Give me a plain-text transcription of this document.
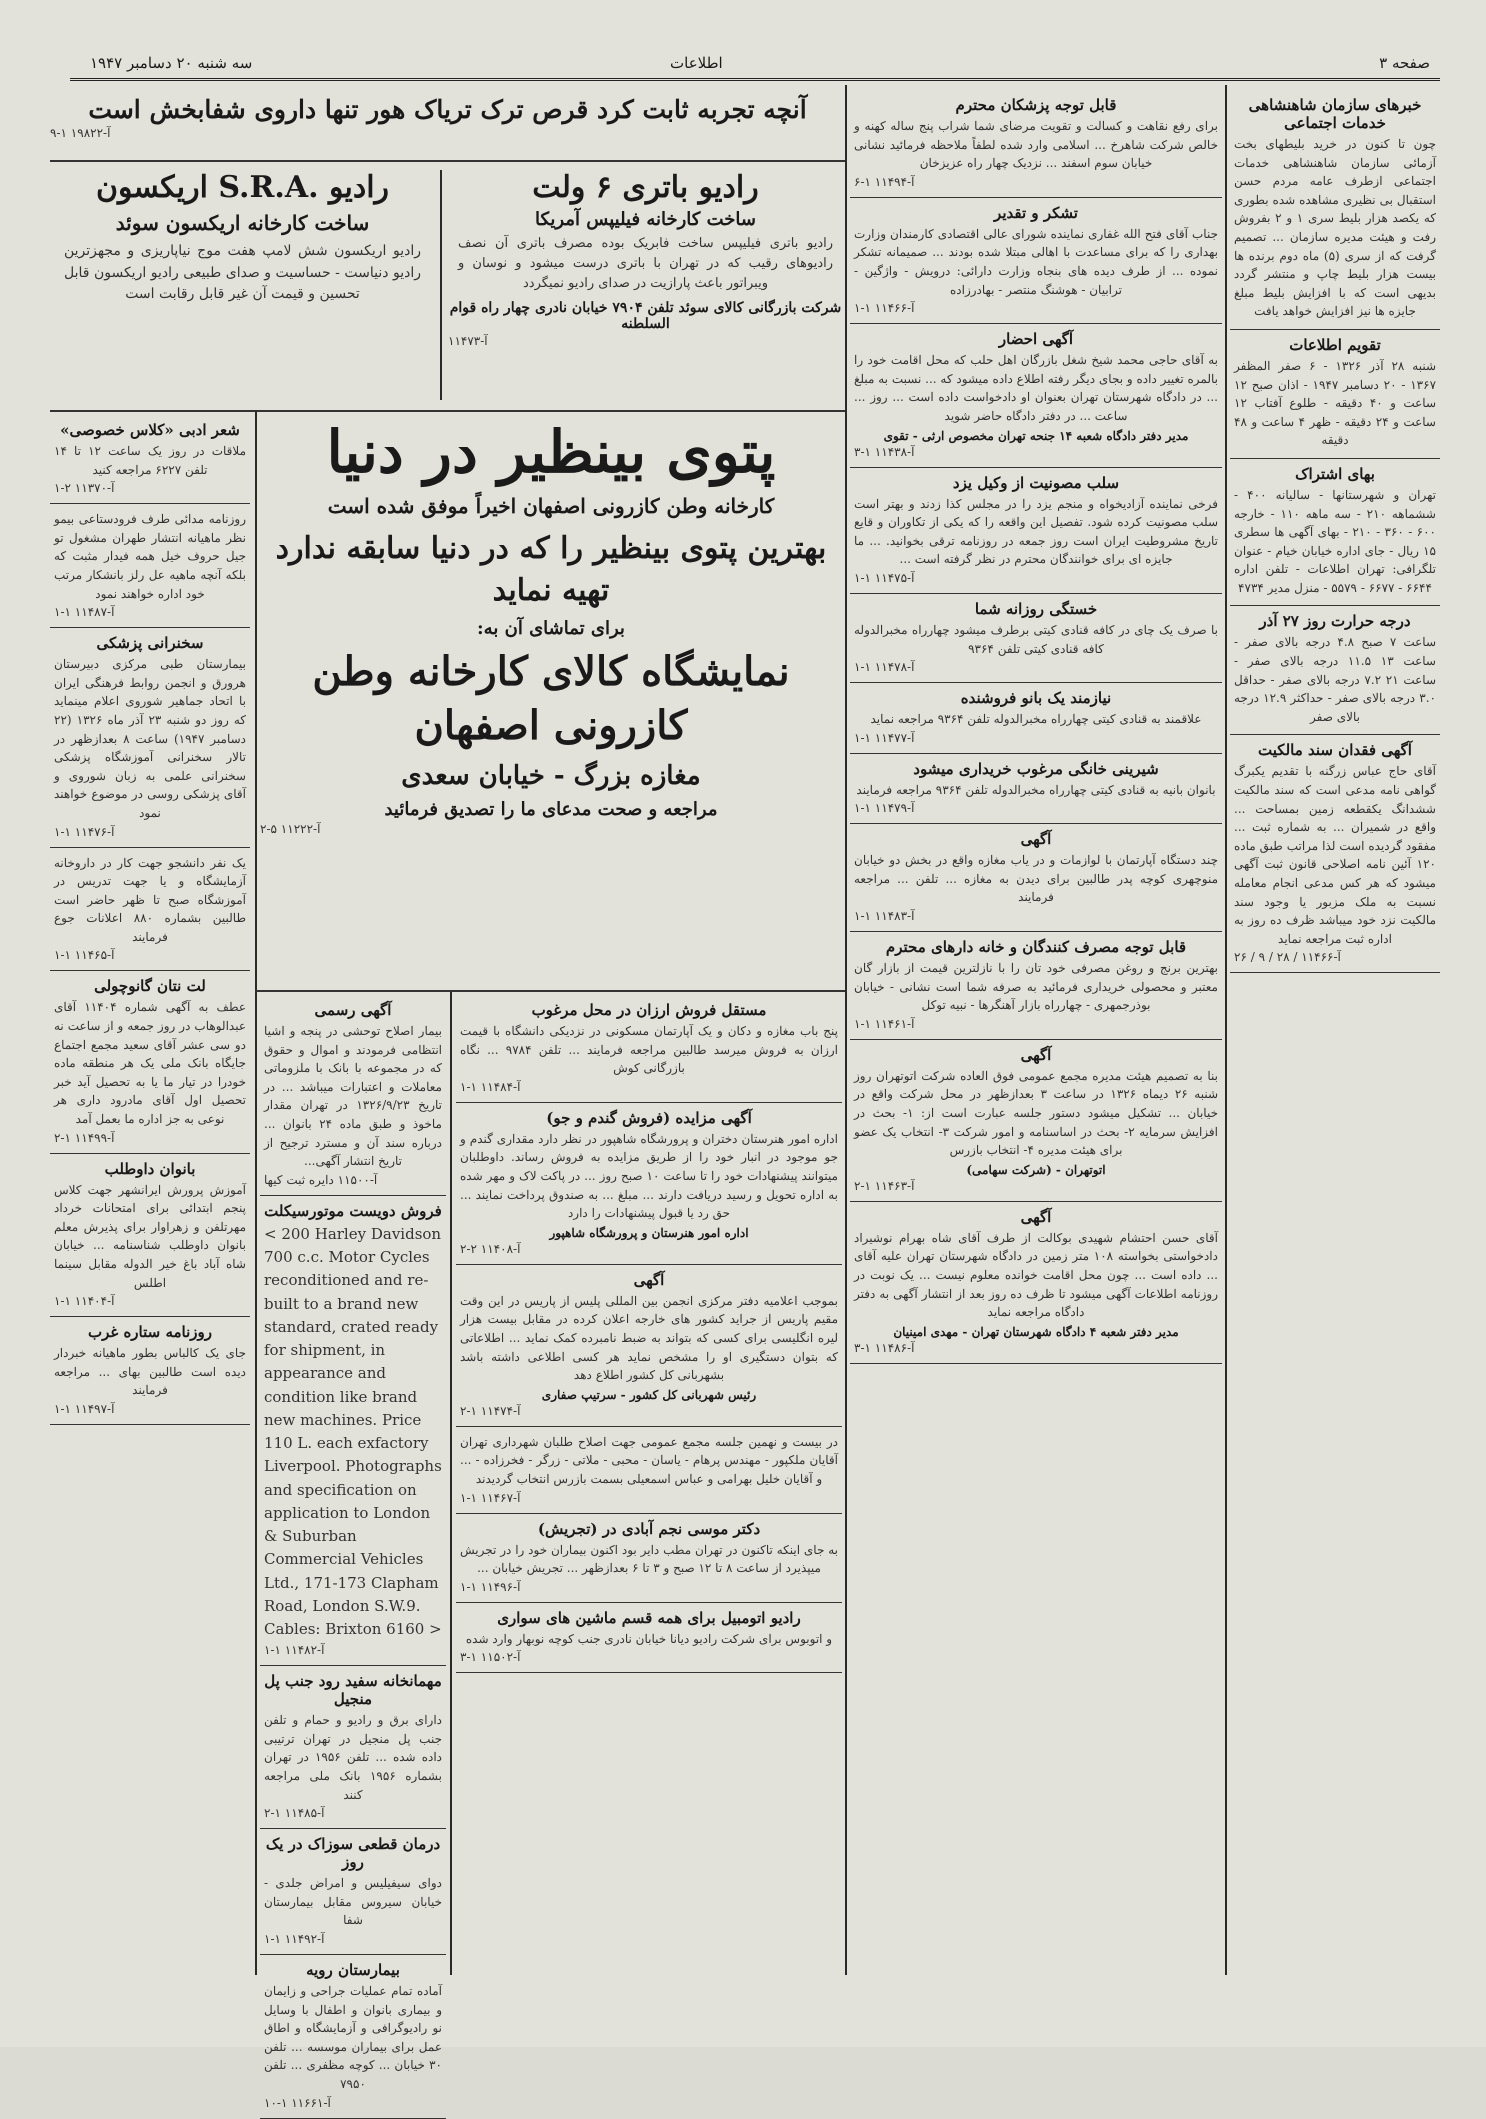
سه شنبه ۲۰ دسامبر ۱۹۴۷	اطلاعات	صفحه ۳
آنچه تجربه ثابت کرد قرص ترک تریاک هور تنها داروی شفابخش است
آ-۱۹۸۲۲ ۱-۹
رادیو .S.R.A اریکسون
ساخت کارخانه اریکسون سوئد
رادیو اریکسون شش لامپ هفت موج نیاپاریزی و مجهزترین رادیو دنیاست - حساسیت و صدای طبیعی رادیو اریکسون قابل تحسین و قیمت آن غیر قابل رقابت است
رادیو باتری ۶ ولت
ساخت کارخانه فیلیپس آمریکا
رادیو باتری فیلیپس ساخت فابریک بوده مصرف باتری آن نصف رادیوهای رقیب که در تهران با باتری درست میشود و نوسان و ویبراتور باعث پارازیت در صدای رادیو نمیگردد
شرکت بازرگانی کالای سوئد تلفن ۷۹۰۴ خیابان نادری چهار راه قوام السلطنه
آ-۱۱۴۷۳
پتوی بینظیر در دنیا
کارخانه وطن کازرونی اصفهان اخیراً موفق شده است
بهترین پتوی بینظیر را که در دنیا سابقه ندارد تهیه نماید
برای تماشای آن به:
نمایشگاه کالای کارخانه وطن کازرونی اصفهان
مغازه بزرگ - خیابان سعدی
مراجعه و صحت مدعای ما را تصدیق فرمائید
آ-۱۱۲۲۲ ۵-۲
شعر ادبی «کلاس خصوصی»
ملاقات در روز یک ساعت ۱۲ تا ۱۴ تلفن ۶۲۲۷ مراجعه کنید
آ-۱۱۳۷۰ ۲-۱
روزنامه مدائی طرف فرودستاعی بیمو نظر ماهیانه انتشار طهران مشغول تو جیل حروف خیل همه فیدار مثبت که بلکه آنچه ماهیه عل رلز بانشکار مرتب خود اداره خواهند نمود
آ-۱۱۴۸۷ ۱-۱
سخنرانی پزشکی
بیمارستان طبی مرکزی دبیرستان هرورق و انجمن روابط فرهنگی ایران با اتحاد جماهیر شوروی اعلام مینماید که روز دو شنبه ۲۳ آذر ماه ۱۳۲۶ (۲۲ دسامبر ۱۹۴۷) ساعت ۸ بعدازظهر در تالار سخنرانی آموزشگاه پزشکی سخنرانی علمی به زبان شوروی و آقای پزشکی روسی در موضوع خواهند نمود
آ-۱۱۴۷۶ ۱-۱
یک نفر دانشجو جهت کار در داروخانه آزمایشگاه و یا جهت تدریس در آموزشگاه صبح تا ظهر حاضر است طالبین بشماره ۸۸۰ اعلانات جوع فرمایند
آ-۱۱۴۶۵ ۱-۱
لت نتان گانوچولی
عطف به آگهی شماره ۱۱۴۰۴ آقای عبدالوهاب در روز جمعه و از ساعت نه دو سی عشر آقای سعید مجمع اجتماع جایگاه بانک ملی یک هر منطقه ماده خودرا در تیار ما یا به تحصیل آید خبر تحصیل اول آقای مادرود داری هر نوعی به جز اداره ما بعمل آمد
آ-۱۱۴۹۹ ۱-۲
بانوان داوطلب
آموزش پرورش ایرانشهر جهت کلاس پنجم ابتدائی برای امتحانات خرداد مهرتلفن و زهراوار برای پذیرش معلم بانوان داوطلب شناسنامه ... خیابان شاه آباد باغ خیر الدوله مقابل سینما اطلس
آ-۱۱۴۰۴ ۱-۱
روزنامه ستاره غرب
جای یک کالباس بطور ماهیانه خبردار دیده است طالبین بهای ... مراجعه فرمایند
آ-۱۱۴۹۷ ۱-۱
آگهی رسمی
بیمار اصلاح توحشی در پنجه و اشیا انتظامی فرمودند و اموال و حقوق که در مجموعه با بانک با ملزوماتی معاملات و اعتبارات میباشد ... در تاریخ ۱۳۲۶/۹/۲۳ در تهران مقدار ماخوذ و طبق ماده ۲۴ بانوان ... درباره سند آن و مسترد ترجیح از تاریخ انتشار آگهی...
آ-۱۱۵۰۰ دایره ثبت کیها
فروش دویست موتورسیکلت
< 200 Harley Davidson 700 c.c. Motor Cycles reconditioned and re-built to a brand new standard, crated ready for shipment, in appearance and condition like brand new machines. Price 110 L. each exfactory Liverpool. Photographs and specification on application to London & Suburban Commercial Vehicles Ltd., 171-173 Clapham Road, London S.W.9. Cables: Brixton 6160 >
آ-۱۱۴۸۲ ۱-۱
مهمانخانه سفید رود جنب پل منجیل
دارای برق و رادیو و حمام و تلفن جنب پل منجیل در تهران ترتیبی داده شده ... تلفن ۱۹۵۶ در تهران بشماره ۱۹۵۶ بانک ملی مراجعه کنند
آ-۱۱۴۸۵ ۱-۲
درمان قطعی سوزاک در یک روز
دوای سیفیلیس و امراض جلدی - خیابان سیروس مقابل بیمارستان شفا
آ-۱۱۴۹۲ ۱-۱
بیمارستان رویه
آماده تمام عملیات جراحی و زایمان و بیماری بانوان و اطفال با وسایل نو رادیوگرافی و آزمایشگاه و اطاق عمل برای بیماران موسسه ... تلفن ۳۰ خیابان ... کوچه مظفری ... تلفن ۷۹۵۰
آ-۱۱۶۶۱ ۱-۱۰
مستقل فروش ارزان در محل مرغوب
پنج باب مغازه و دکان و یک آپارتمان مسکونی در نزدیکی دانشگاه با قیمت ارزان به فروش میرسد طالبین مراجعه فرمایند ... تلفن ۹۷۸۴ ... نگاه بازرگانی کوش
آ-۱۱۴۸۴ ۱-۱
آگهی مزایده (فروش گندم و جو)
اداره امور هنرستان دختران و پرورشگاه شاهپور در نظر دارد مقداری گندم و جو موجود در انبار خود را از طریق مزایده به فروش رساند. داوطلبان میتوانند پیشنهادات خود را تا ساعت ۱۰ صبح روز ... در پاکت لاک و مهر شده به اداره تحویل و رسید دریافت دارند ... مبلغ ... به صندوق پرداخت نمایند ... حق رد یا قبول پیشنهادات را دارد
اداره امور هنرستان و پرورشگاه شاهپور
آ-۱۱۴۰۸ ۲-۲
آگهی
بموجب اعلامیه دفتر مرکزی انجمن بین المللی پلیس از پاریس در این وقت مقیم پاریس از جراید کشور های خارجه اعلان کرده در مقابل بیست هزار لیره انگلیسی برای کسی که بتواند به ضبط نامبرده کمک نماید ... اطلاعاتی که بتوان دستگیری او را مشخص نماید هر کسی اطلاعی داشته باشد بشهربانی کل کشور اطلاع دهد
رئیس شهربانی کل کشور - سرتیپ صفاری
آ-۱۱۴۷۴ ۱-۲
در بیست و نهمین جلسه مجمع عمومی جهت اصلاح طلبان شهرداری تهران آقایان ملکپور - مهندس پرهام - یاسان - محبی - ملاتی - زرگر - فخرزاده - ... و آقایان خلیل بهرامی و عباس اسمعیلی بسمت بازرس انتخاب گردیدند
آ-۱۱۴۶۷ ۱-۱
دکتر موسی نجم آبادی در (تجریش)
به جای اینکه تاکنون در تهران مطب دایر بود اکنون بیماران خود را در تجریش میپذیرد از ساعت ۸ تا ۱۲ صبح و ۳ تا ۶ بعدازظهر ... تجریش خیابان ...
آ-۱۱۴۹۶ ۱-۱
رادیو اتومبیل برای همه قسم ماشین های سواری
و اتوبوس برای شرکت رادیو دیانا خیابان نادری جنب کوچه نوبهار وارد شده
آ-۱۱۵۰۲ ۱-۳
قابل توجه پزشکان محترم
برای رفع نقاهت و کسالت و تقویت مرضای شما شراب پنج ساله کهنه و خالص شرکت شاهرخ ... اسلامی وارد شده لطفاً ملاحظه فرمائید نشانی خیابان سوم اسفند ... نزدیک چهار راه عزیزخان
آ-۱۱۴۹۴ ۱-۶
تشکر و تقدیر
جناب آقای فتح الله غفاری نماینده شورای عالی اقتصادی کارمندان وزارت بهداری را که برای مساعدت با اهالی مبتلا شده بودند ... صمیمانه تشکر نموده ... از طرف دیده های بنجاه وزارت دارائی: درویش - واژگین - ترابیان - هوشنگ منتصر - بهادرزاده
آ-۱۱۴۶۶ ۱-۱
آگهی احضار
به آقای حاجی محمد شیخ شغل بازرگان اهل حلب که محل اقامت خود را بالمره تغییر داده و بجای دیگر رفته اطلاع داده میشود که ... نسبت به مبلغ ... در دادگاه شهرستان تهران بعنوان او دادخواست داده است ... روز ... ساعت ... در دفتر دادگاه حاضر شوید
مدیر دفتر دادگاه شعبه ۱۴ جنحه تهران مخصوص ارثی - تقوی
آ-۱۱۴۳۸ ۱-۳
سلب مصونیت از وکیل یزد
فرخی نماینده آزادیخواه و منجم یزد را در مجلس کذا زدند و بهتر است سلب مصونیت کرده شود. تفصیل این واقعه را که یکی از تکاوران و قایع تاریخ مشروطیت ایران است روز جمعه در روزنامه ترقی بخوانید. ... ما جایزه ای برای خوانندگان محترم در نظر گرفته است ...
آ-۱۱۴۷۵ ۱-۱
خستگی روزانه شما
با صرف یک چای در کافه قنادی کیتی برطرف میشود چهارراه مخبرالدوله کافه قنادی کیتی تلفن ۹۳۶۴
آ-۱۱۴۷۸ ۱-۱
نیازمند یک بانو فروشنده
علاقمند به قنادی کیتی چهارراه مخبرالدوله تلفن ۹۳۶۴ مراجعه نماید
آ-۱۱۴۷۷ ۱-۱
شیرینی خانگی مرغوب خریداری میشود
بانوان بانیه به قنادی کیتی چهارراه مخبرالدوله تلفن ۹۳۶۴ مراجعه فرمایند
آ-۱۱۴۷۹ ۱-۱
آگهی
چند دستگاه آپارتمان با لوازمات و در یاب مغازه واقع در بخش دو خیابان منوچهری کوچه پدر طالبین برای دیدن به مغازه ... تلفن ... مراجعه فرمایند
آ-۱۱۴۸۳ ۱-۱
قابل توجه مصرف کنندگان و خانه دارهای محترم
بهترین برنج و روغن مصرفی خود تان را با نازلترین قیمت از بازار گان معتبر و محصولی خریداری فرمائید به صرفه شما است نشانی - خیابان بوذرجمهری - چهارراه بازار آهنگرها - نبیه توکل
آ-۱۱۴۶۱ ۱-۱
آگهی
بنا به تصمیم هیئت مدیره مجمع عمومی فوق العاده شرکت اتوتهران روز شنبه ۲۶ دیماه ۱۳۲۶ در ساعت ۳ بعدازظهر در محل شرکت واقع در خیابان ... تشکیل میشود دستور جلسه عبارت است از: ۱- بحث در افزایش سرمایه ۲- بحث در اساسنامه و امور شرکت ۳- انتخاب یک عضو برای هیئت مدیره ۴- انتخاب بازرس
اتوتهران - (شرکت سهامی)
آ-۱۱۴۶۳ ۱-۲
آگهی
آقای حسن احتشام شهیدی بوکالت از طرف آقای شاه بهرام نوشیراد دادخواستی بخواسته ۱۰۸ متر زمین در دادگاه شهرستان تهران علیه آقای ... داده است ... چون محل اقامت خوانده معلوم نیست ... یک نوبت در روزنامه اطلاعات آگهی میشود تا ظرف ده روز بعد از انتشار آگهی به دفتر دادگاه مراجعه نماید
مدیر دفتر شعبه ۴ دادگاه شهرستان تهران - مهدی امینیان
آ-۱۱۴۸۶ ۱-۳
خبرهای سازمان شاهنشاهی خدمات اجتماعی
چون تا کنون در خرید بلیطهای بخت آزمائی سازمان شاهنشاهی خدمات اجتماعی ازطرف عامه مردم حسن استقبال بی نظیری مشاهده شده بطوری که یکصد هزار بلیط سری ۱ و ۲ بفروش رفت و هیئت مدیره سازمان ... تصمیم گرفت که از سری (۵) ماه دوم برنده ها بیست هزار بلیط چاپ و منتشر گردد بدیهی است که با افزایش بلیط مبلغ جایزه ها نیز افزایش خواهد یافت
تقویم اطلاعات
شنبه ۲۸ آذر ۱۳۲۶ - ۶ صفر المظفر ۱۳۶۷ - ۲۰ دسامبر ۱۹۴۷ - اذان صبح ۱۲ ساعت و ۴۰ دقیقه - طلوع آفتاب ۱۲ ساعت و ۲۴ دقیقه - ظهر ۴ ساعت و ۴۸ دقیقه
بهای اشتراک
تهران و شهرستانها - سالیانه ۴۰۰ - ششماهه ۲۱۰ - سه ماهه ۱۱۰ - خارجه ۶۰۰ - ۳۶۰ - ۲۱۰ - بهای آگهی ها سطری ۱۵ ریال - جای اداره خیابان خیام - عنوان تلگرافی: تهران اطلاعات - تلفن اداره ۶۶۴۴ - ۶۶۷۷ - ۵۵۷۹ - منزل مدیر ۴۷۳۴
درجه حرارت روز ۲۷ آذر
ساعت ۷ صبح ۴.۸ درجه بالای صفر - ساعت ۱۳ ۱۱.۵ درجه بالای صفر - ساعت ۲۱ ۷.۲ درجه بالای صفر - حداقل ۳.۰ درجه بالای صفر - حداکثر ۱۲.۹ درجه بالای صفر
آگهی فقدان سند مالکیت
آقای حاج عباس زرگنه با تقدیم یکبرگ گواهی نامه مدعی است که سند مالکیت ششدانگ یکقطعه زمین بمساحت ... واقع در شمیران ... به شماره ثبت ... مفقود گردیده است لذا مراتب طبق ماده ۱۲۰ آئین نامه اصلاحی قانون ثبت آگهی میشود که هر کس مدعی انجام معامله نسبت به ملک مزبور یا وجود سند مالکیت نزد خود میباشد ظرف ده روز به اداره ثبت مراجعه نماید
آ-۱۱۴۶۶ / ۲۸ / ۹ / ۲۶
